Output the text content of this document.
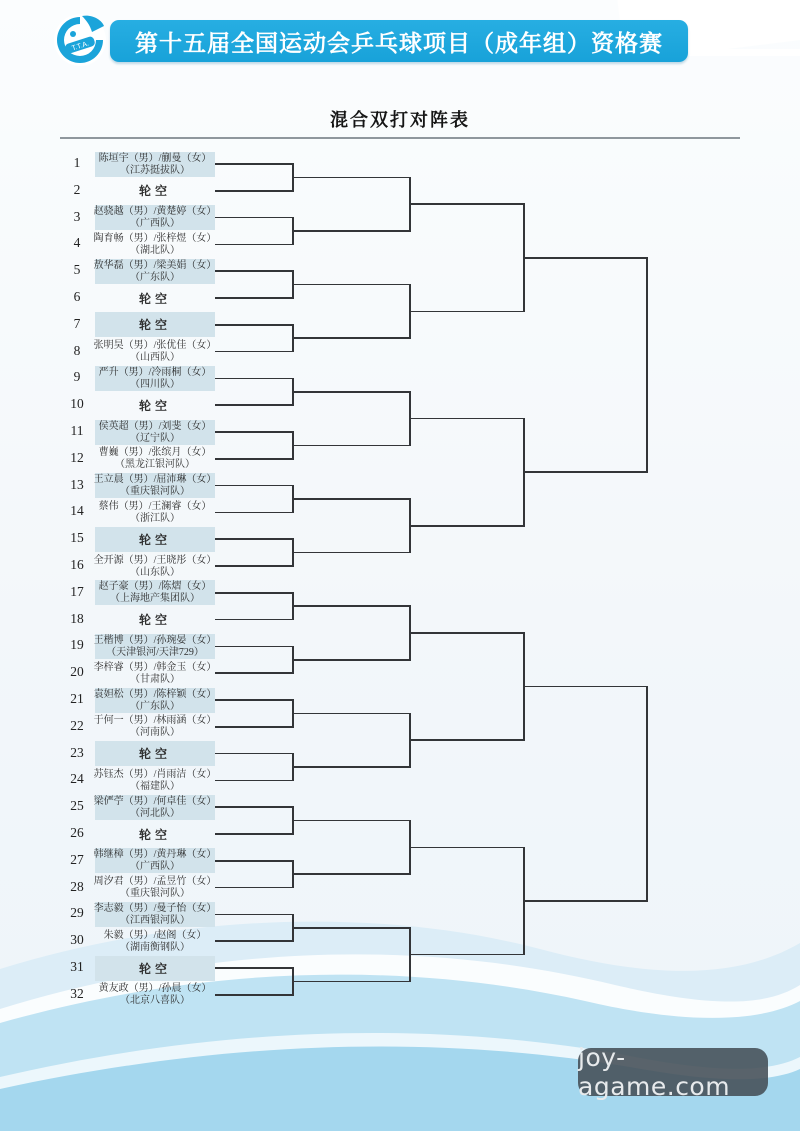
T.T.A. 第十五届全国运动会乒乓球项目（成年组）资格赛
混合双打对阵表
1	陈垣宇（男）/蒯曼（女）
（江苏挺拔队）
2	轮空
3	赵骁越（男）/黄楚婷（女）
（广西队）
4	陶育畅（男）/张梓煜（女）
（湖北队）
5	敖华磊（男）/梁美娟（女）
（广东队）
6	轮空
7	轮空
8	张明昊（男）/张优佳（女）
（山西队）
9	严升（男）/冷雨桐（女）
（四川队）
10	轮空
11	侯英超（男）/刘斐（女）
（辽宁队）
12	曹巍（男）/张缤月（女）
（黑龙江银河队）
13 王立晨（男）/屈沛琳（女）
（重庆银河队）
14	蔡伟（男）/王澜睿（女）
（浙江队）
15	轮空
16 全开源（男）/王晓彤（女）
（山东队）
17	赵子豪（男）/陈熠（女）
（上海地产集团队）
18	轮空
19 王楷博（男）/孙琬晏（女）
（天津银河/天津729）
20 李梓睿（男）/韩金玉（女）
（甘肃队）
21 袁妲松（男）/陈梓颖（女）
（广东队）
22 于何一（男）/林雨涵（女）
（河南队）
23	轮空
24 苏钰杰（男）/肖雨洁（女）
（福建队）
25 梁俨苧（男）/何卓佳（女）
（河北队）
26	轮空
27 韩继樟（男）/黄丹琳（女）
（广西队）
28 周汐君（男）/孟昱竹（女）
（重庆银河队）
29 李志毅（男）/曼子怡（女）
（江西银河队）
30	朱毅（男）/赵阁（女）
（湖南衡钢队）
31	轮空
32	黄友政（男）/孙晨（女）
（北京八喜队）
joy-agame.com
